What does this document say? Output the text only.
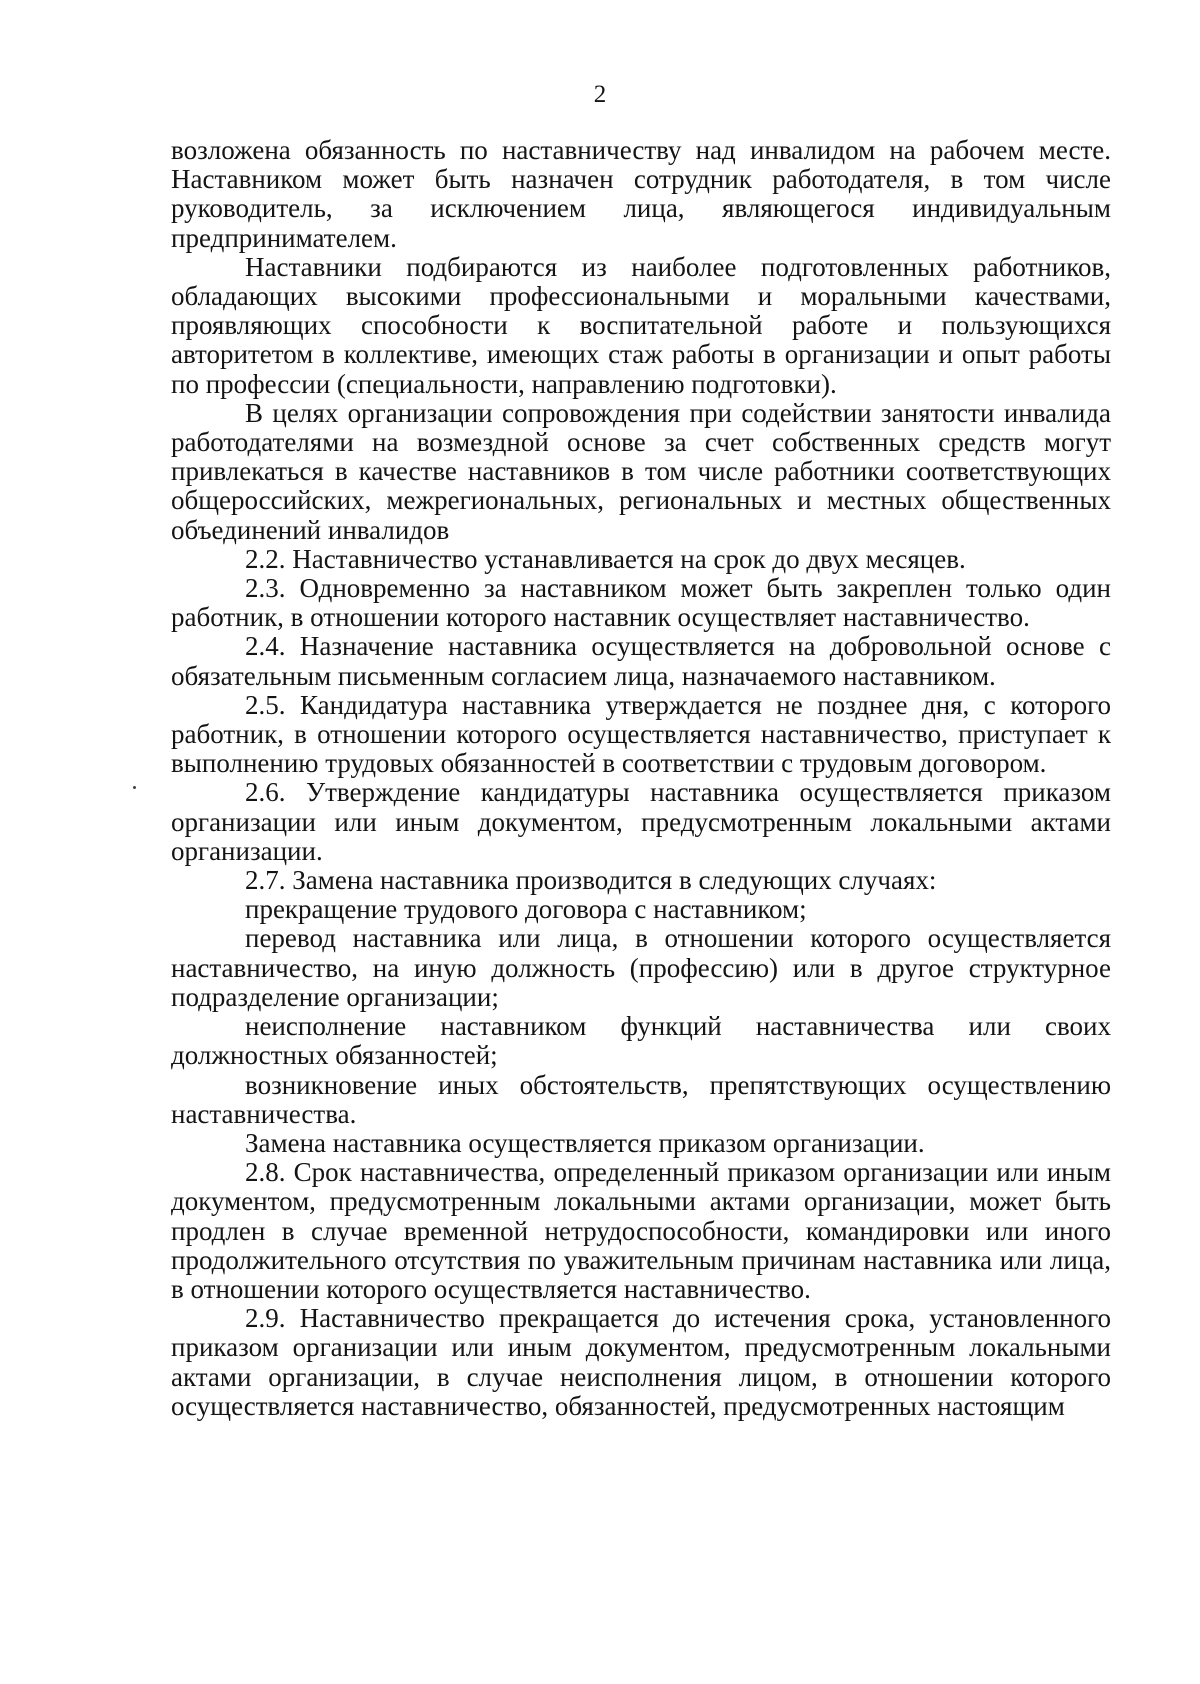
2

возложена обязанность по наставничеству над инвалидом на рабочем месте. Наставником может быть назначен сотрудник работодателя, в том числе руководитель, за исключением лица, являющегося индивидуальным предпринимателем.

Наставники подбираются из наиболее подготовленных работников, обладающих высокими профессиональными и моральными качествами, проявляющих способности к воспитательной работе и пользующихся авторитетом в коллективе, имеющих стаж работы в организации и опыт работы по профессии (специальности, направлению подготовки).

В целях организации сопровождения при содействии занятости инвалида работодателями на возмездной основе за счет собственных средств могут привлекаться в качестве наставников в том числе работники соответствующих общероссийских, межрегиональных, региональных и местных общественных объединений инвалидов

2.2. Наставничество устанавливается на срок до двух месяцев.

2.3. Одновременно за наставником может быть закреплен только один работник, в отношении которого наставник осуществляет наставничество.

2.4. Назначение наставника осуществляется на добровольной основе с обязательным письменным согласием лица, назначаемого наставником.

2.5. Кандидатура наставника утверждается не позднее дня, с которого работник, в отношении которого осуществляется наставничество, приступает к выполнению трудовых обязанностей в соответствии с трудовым договором.

2.6. Утверждение кандидатуры наставника осуществляется приказом организации или иным документом, предусмотренным локальными актами организации.

2.7. Замена наставника производится в следующих случаях:

прекращение трудового договора с наставником;

перевод наставника или лица, в отношении которого осуществляется наставничество, на иную должность (профессию) или в другое структурное подразделение организации;

неисполнение наставником функций наставничества или своих должностных обязанностей;

возникновение иных обстоятельств, препятствующих осуществлению наставничества.

Замена наставника осуществляется приказом организации.

2.8. Срок наставничества, определенный приказом организации или иным документом, предусмотренным локальными актами организации, может быть продлен в случае временной нетрудоспособности, командировки или иного продолжительного отсутствия по уважительным причинам наставника или лица, в отношении которого осуществляется наставничество.

2.9. Наставничество прекращается до истечения срока, установленного приказом организации или иным документом, предусмотренным локальными актами организации, в случае неисполнения лицом, в отношении которого осуществляется наставничество, обязанностей, предусмотренных настоящим
